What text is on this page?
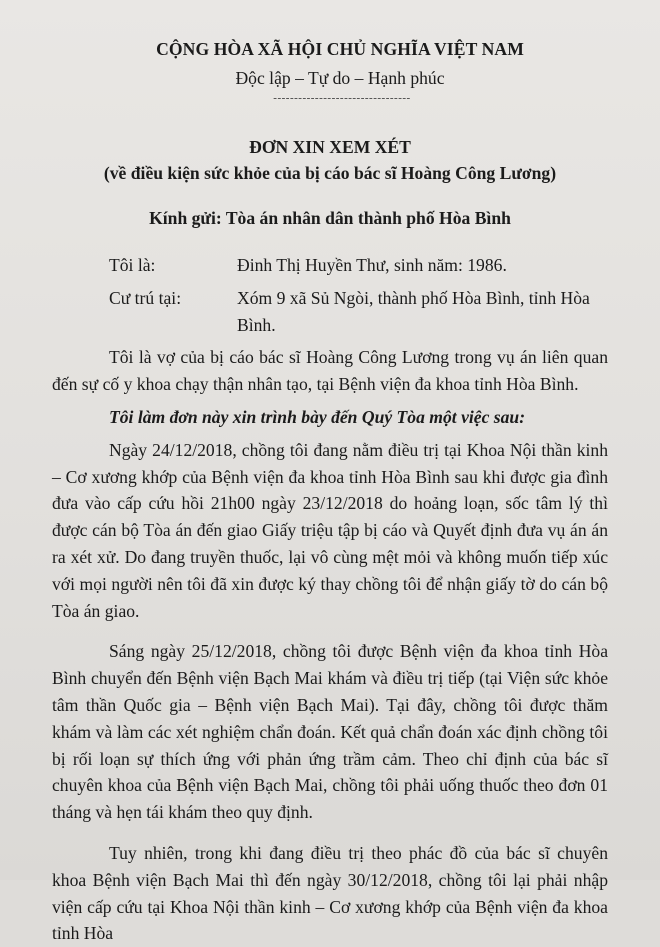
CỘNG HÒA XÃ HỘI CHỦ NGHĨA VIỆT NAM
Độc lập – Tự do – Hạnh phúc
---------------------------------
ĐƠN XIN XEM XÉT
(về điều kiện sức khỏe của bị cáo bác sĩ Hoàng Công Lương)
Kính gửi: Tòa án nhân dân thành phố Hòa Bình
Tôi là:	Đinh Thị Huyền Thư, sinh năm: 1986.
Cư trú tại:	Xóm 9 xã Sủ Ngòi, thành phố Hòa Bình, tỉnh Hòa Bình.

Tôi là vợ của bị cáo bác sĩ Hoàng Công Lương trong vụ án liên quan đến sự cố y khoa chạy thận nhân tạo, tại Bệnh viện đa khoa tỉnh Hòa Bình.

Tôi làm đơn này xin trình bày đến Quý Tòa một việc sau:

Ngày 24/12/2018, chồng tôi đang nằm điều trị tại Khoa Nội thần kinh – Cơ xương khớp của Bệnh viện đa khoa tỉnh Hòa Bình sau khi được gia đình đưa vào cấp cứu hồi 21h00 ngày 23/12/2018 do hoảng loạn, sốc tâm lý thì được cán bộ Tòa án đến giao Giấy triệu tập bị cáo và Quyết định đưa vụ án án ra xét xử. Do đang truyền thuốc, lại vô cùng mệt mỏi và không muốn tiếp xúc với mọi người nên tôi đã xin được ký thay chồng tôi để nhận giấy tờ do cán bộ Tòa án giao.

Sáng ngày 25/12/2018, chồng tôi được Bệnh viện đa khoa tỉnh Hòa Bình chuyển đến Bệnh viện Bạch Mai khám và điều trị tiếp (tại Viện sức khỏe tâm thần Quốc gia – Bệnh viện Bạch Mai). Tại đây, chồng tôi được thăm khám và làm các xét nghiệm chẩn đoán. Kết quả chẩn đoán xác định chồng tôi bị rối loạn sự thích ứng với phản ứng trầm cảm. Theo chỉ định của bác sĩ chuyên khoa của Bệnh viện Bạch Mai, chồng tôi phải uống thuốc theo đơn 01 tháng và hẹn tái khám theo quy định.

Tuy nhiên, trong khi đang điều trị theo phác đồ của bác sĩ chuyên khoa Bệnh viện Bạch Mai thì đến ngày 30/12/2018, chồng tôi lại phải nhập viện cấp cứu tại Khoa Nội thần kinh – Cơ xương khớp của Bệnh viện đa khoa tỉnh Hòa
